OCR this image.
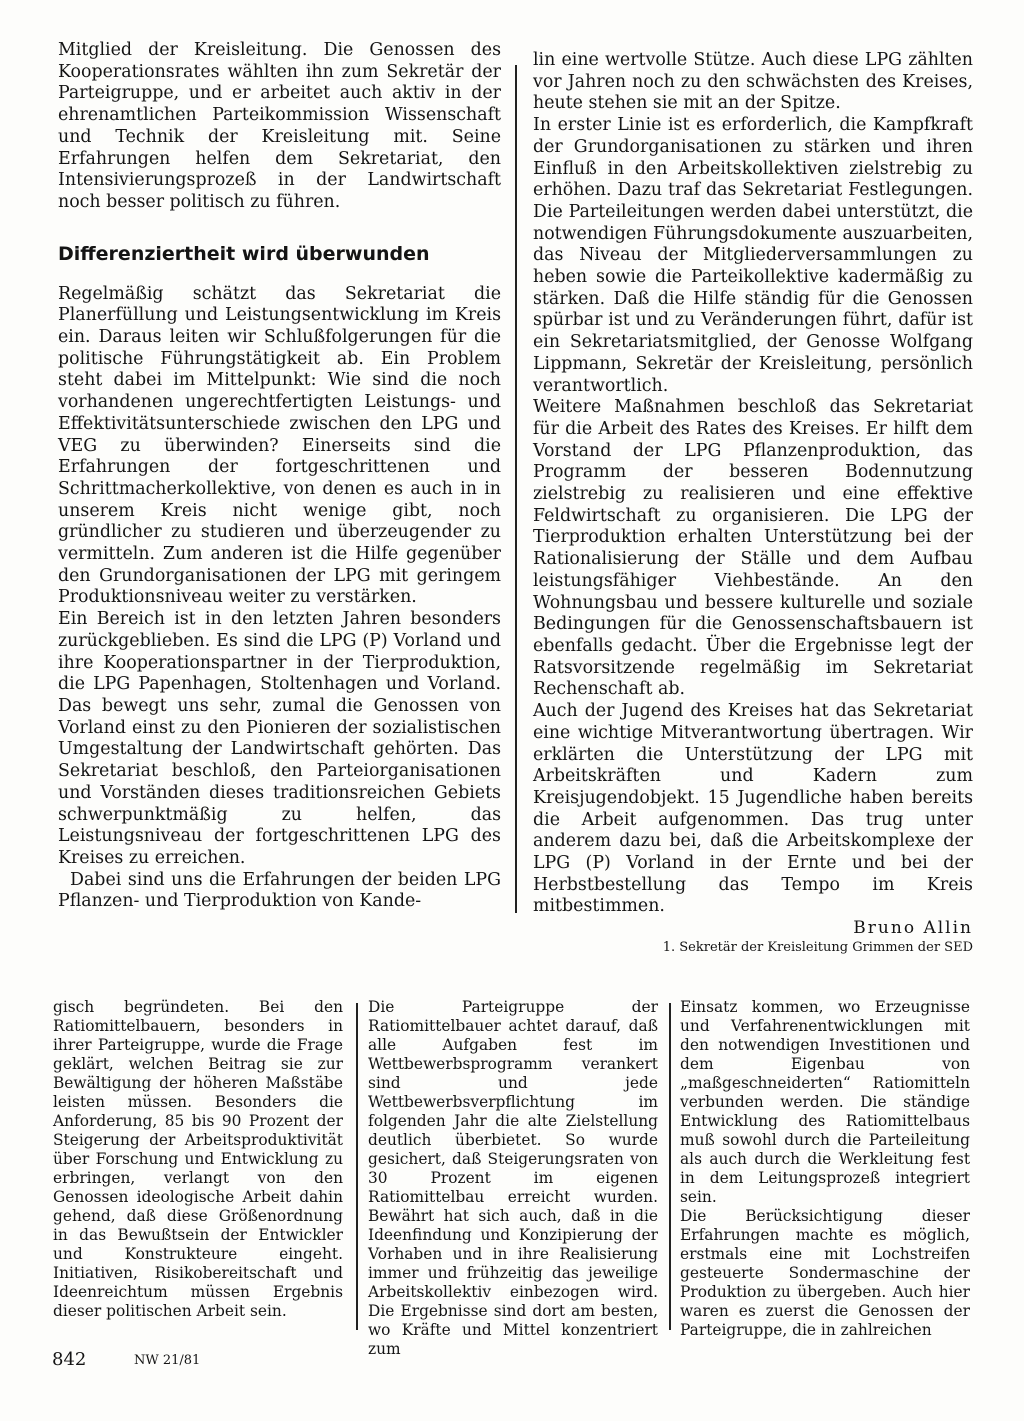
Mitglied der Kreisleitung. Die Genossen des Kooperationsrates wählten ihn zum Sekretär der Parteigruppe, und er arbeitet auch aktiv in der ehrenamtlichen Parteikommission Wissenschaft und Technik der Kreisleitung mit. Seine Erfahrungen helfen dem Sekretariat, den Intensivierungsprozeß in der Landwirtschaft noch besser politisch zu führen.

Differenziertheit wird überwunden

Regelmäßig schätzt das Sekretariat die Planerfüllung und Leistungsentwicklung im Kreis ein. Daraus leiten wir Schlußfolgerungen für die politische Führungstätigkeit ab. Ein Problem steht dabei im Mittelpunkt: Wie sind die noch vorhandenen ungerechtfertigten Leistungs- und Effektivitätsunterschiede zwischen den LPG und VEG zu überwinden? Einerseits sind die Erfahrungen der fortgeschrittenen und Schrittmacherkollektive, von denen es auch in in unserem Kreis nicht wenige gibt, noch gründlicher zu studieren und überzeugender zu vermitteln. Zum anderen ist die Hilfe gegenüber den Grundorganisationen der LPG mit geringem Produktionsniveau weiter zu verstärken.

Ein Bereich ist in den letzten Jahren besonders zurückgeblieben. Es sind die LPG (P) Vorland und ihre Kooperationspartner in der Tierproduktion, die LPG Papenhagen, Stoltenhagen und Vorland. Das bewegt uns sehr, zumal die Genossen von Vorland einst zu den Pionieren der sozialistischen Umgestaltung der Landwirtschaft gehörten. Das Sekretariat beschloß, den Parteiorganisationen und Vorständen dieses traditionsreichen Gebiets schwerpunktmäßig zu helfen, das Leistungsniveau der fortgeschrittenen LPG des Kreises zu erreichen.

Dabei sind uns die Erfahrungen der beiden LPG Pflanzen- und Tierproduktion von Kande-

lin eine wertvolle Stütze. Auch diese LPG zählten vor Jahren noch zu den schwächsten des Kreises, heute stehen sie mit an der Spitze.

In erster Linie ist es erforderlich, die Kampfkraft der Grundorganisationen zu stärken und ihren Einfluß in den Arbeitskollektiven zielstrebig zu erhöhen. Dazu traf das Sekretariat Festlegungen. Die Parteileitungen werden dabei unterstützt, die notwendigen Führungsdokumente auszuarbeiten, das Niveau der Mitgliederversammlungen zu heben sowie die Parteikollektive kadermäßig zu stärken. Daß die Hilfe ständig für die Genossen spürbar ist und zu Veränderungen führt, dafür ist ein Sekretariatsmitglied, der Genosse Wolfgang Lippmann, Sekretär der Kreisleitung, persönlich verantwortlich.

Weitere Maßnahmen beschloß das Sekretariat für die Arbeit des Rates des Kreises. Er hilft dem Vorstand der LPG Pflanzenproduktion, das Programm der besseren Bodennutzung zielstrebig zu realisieren und eine effektive Feldwirtschaft zu organisieren. Die LPG der Tierproduktion erhalten Unterstützung bei der Rationalisierung der Ställe und dem Aufbau leistungsfähiger Viehbestände. An den Wohnungsbau und bessere kulturelle und soziale Bedingungen für die Genossenschaftsbauern ist ebenfalls gedacht. Über die Ergebnisse legt der Ratsvorsitzende regelmäßig im Sekretariat Rechenschaft ab.

Auch der Jugend des Kreises hat das Sekretariat eine wichtige Mitverantwortung übertragen. Wir erklärten die Unterstützung der LPG mit Arbeitskräften und Kadern zum Kreisjugendobjekt. 15 Jugendliche haben bereits die Arbeit aufgenommen. Das trug unter anderem dazu bei, daß die Arbeitskomplexe der LPG (P) Vorland in der Ernte und bei der Herbstbestellung das Tempo im Kreis mitbestimmen.

Bruno Allin
1. Sekretär der Kreisleitung Grimmen der SED

gisch begründeten. Bei den Ratiomittelbauern, besonders in ihrer Parteigruppe, wurde die Frage geklärt, welchen Beitrag sie zur Bewältigung der höheren Maßstäbe leisten müssen. Besonders die Anforderung, 85 bis 90 Prozent der Steigerung der Arbeitsproduktivität über Forschung und Entwicklung zu erbringen, verlangt von den Genossen ideologische Arbeit dahin gehend, daß diese Größenordnung in das Bewußtsein der Entwickler und Konstrukteure eingeht. Initiativen, Risikobereitschaft und Ideenreichtum müssen Ergebnis dieser politischen Arbeit sein.

Die Parteigruppe der Ratiomittelbauer achtet darauf, daß alle Aufgaben fest im Wettbewerbsprogramm verankert sind und jede Wettbewerbsverpflichtung im folgenden Jahr die alte Zielstellung deutlich überbietet. So wurde gesichert, daß Steigerungsraten von 30 Prozent im eigenen Ratiomittelbau erreicht wurden. Bewährt hat sich auch, daß in die Ideenfindung und Konzipierung der Vorhaben und in ihre Realisierung immer und frühzeitig das jeweilige Arbeitskollektiv einbezogen wird. Die Ergebnisse sind dort am besten, wo Kräfte und Mittel konzentriert zum

Einsatz kommen, wo Erzeugnisse und Verfahrenentwicklungen mit den notwendigen Investitionen und dem Eigenbau von „maßgeschneiderten“ Ratiomitteln verbunden werden. Die ständige Entwicklung des Ratiomittelbaus muß sowohl durch die Parteileitung als auch durch die Werkleitung fest in dem Leitungsprozeß integriert sein.

Die Berücksichtigung dieser Erfahrungen machte es möglich, erstmals eine mit Lochstreifen gesteuerte Sondermaschine der Produktion zu übergeben. Auch hier waren es zuerst die Genossen der Parteigruppe, die in zahlreichen

842	NW 21/81
